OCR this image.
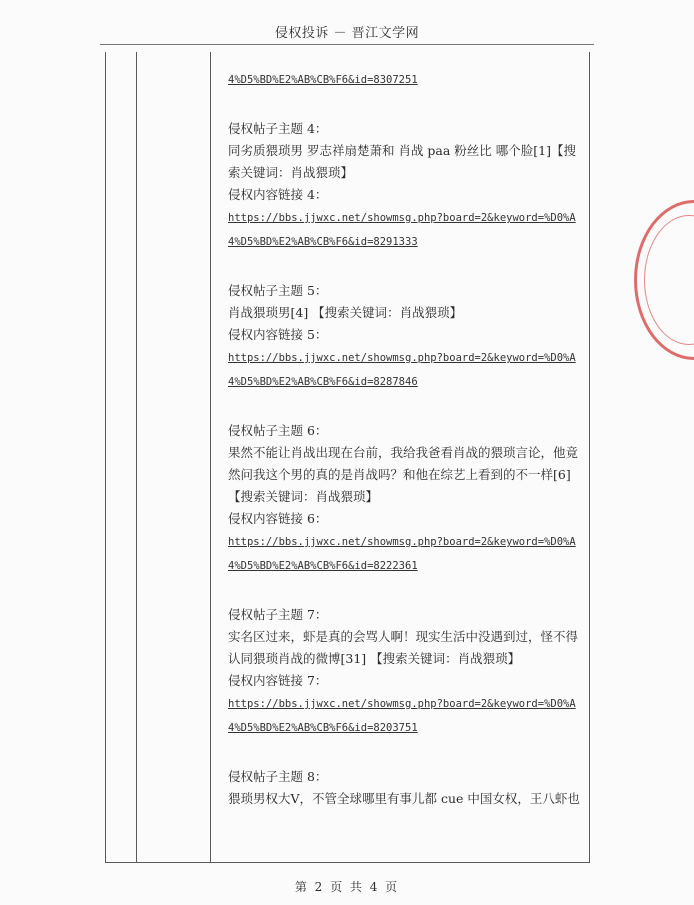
侵权投诉 － 晋江文学网
4%D5%BD%E2%AB%CB%F6&id=8307251
侵权帖子主题 4：
同劣质猥琐男 罗志祥扇楚萧和 肖战 paa 粉丝比 哪个脸[1]【搜
索关键词：肖战猥琐】
侵权内容链接 4：
https://bbs.jjwxc.net/showmsg.php?board=2&keyword=%D0%A
4%D5%BD%E2%AB%CB%F6&id=8291333
侵权帖子主题 5：
肖战猥琐男[4] 【搜索关键词：肖战猥琐】
侵权内容链接 5：
https://bbs.jjwxc.net/showmsg.php?board=2&keyword=%D0%A
4%D5%BD%E2%AB%CB%F6&id=8287846
侵权帖子主题 6：
果然不能让肖战出现在台前，我给我爸看肖战的猥琐言论，他竟
然问我这个男的真的是肖战吗？和他在综艺上看到的不一样[6]
【搜索关键词：肖战猥琐】
侵权内容链接 6：
https://bbs.jjwxc.net/showmsg.php?board=2&keyword=%D0%A
4%D5%BD%E2%AB%CB%F6&id=8222361
侵权帖子主题 7：
实名区过来，虾是真的会骂人啊！现实生活中没遇到过，怪不得
认同猥琐肖战的微博[31] 【搜索关键词：肖战猥琐】
侵权内容链接 7：
https://bbs.jjwxc.net/showmsg.php?board=2&keyword=%D0%A
4%D5%BD%E2%AB%CB%F6&id=8203751
侵权帖子主题 8：
猥琐男权大V，不管全球哪里有事儿都 cue 中国女权，王八虾也
第 2 页 共 4 页
